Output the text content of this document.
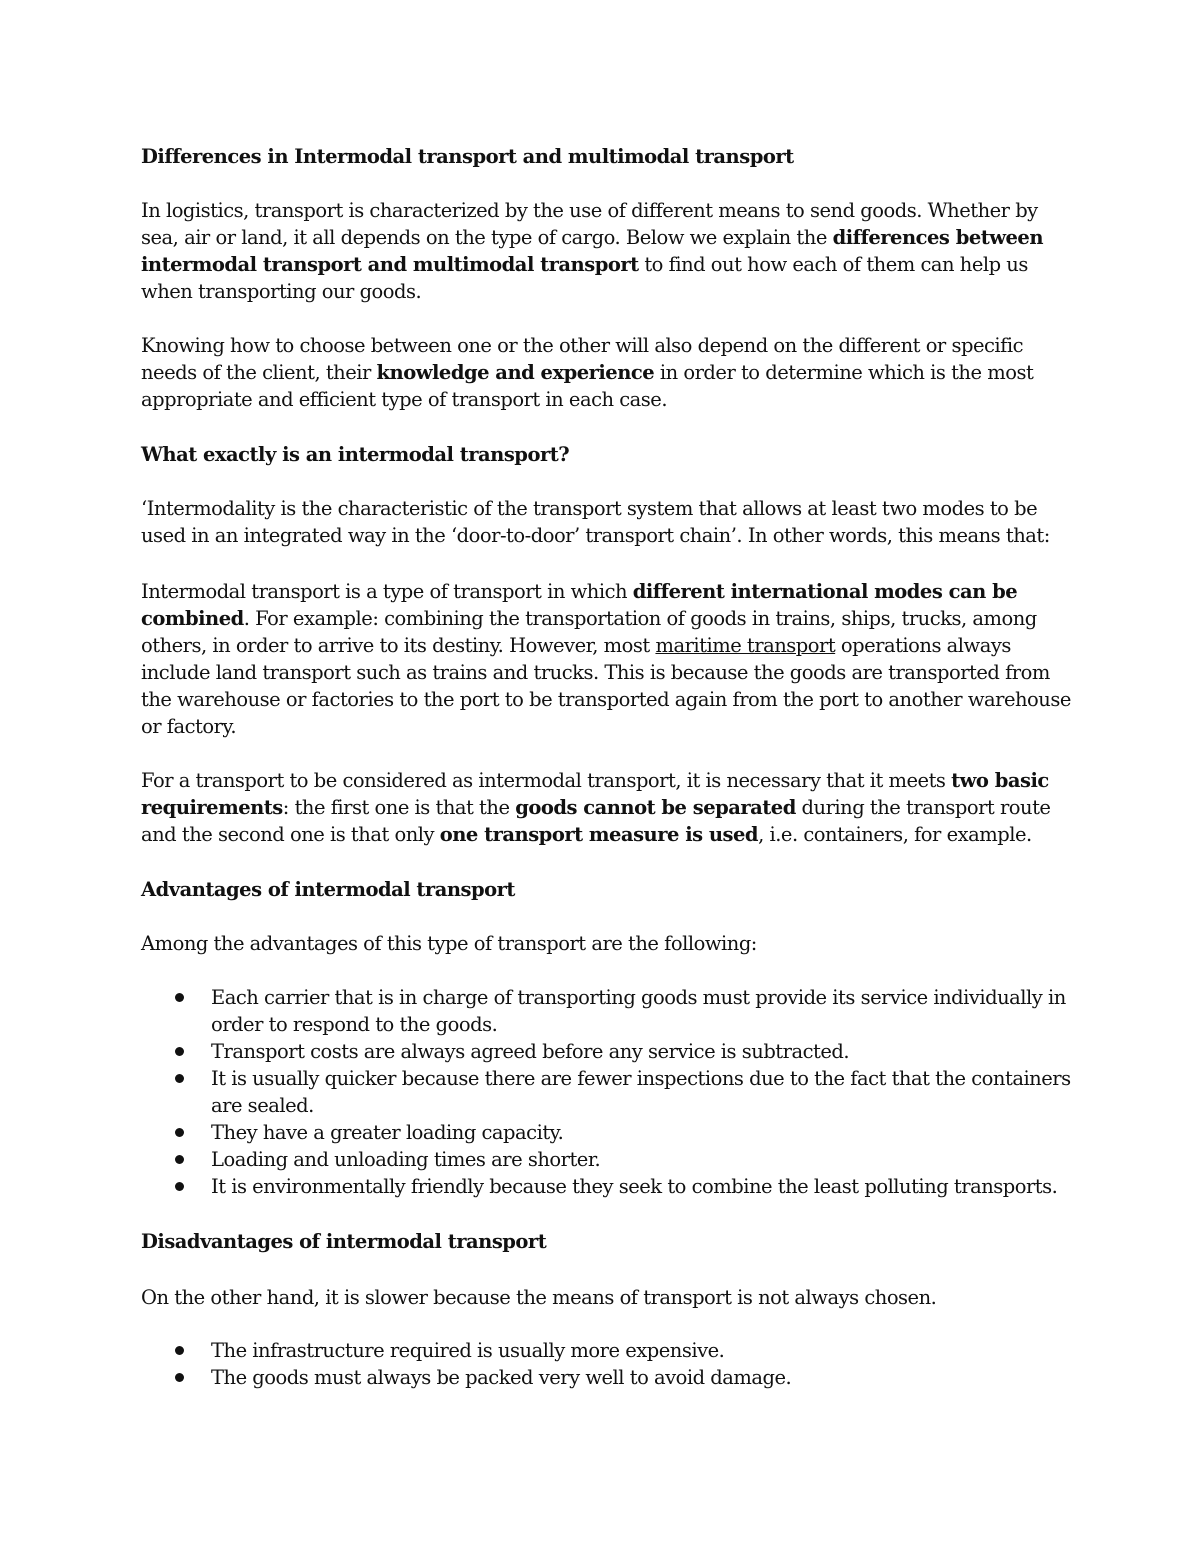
Differences in Intermodal transport and multimodal transport

In logistics, transport is characterized by the use of different means to send goods. Whether by sea, air or land, it all depends on the type of cargo. Below we explain the differences between intermodal transport and multimodal transport to find out how each of them can help us when transporting our goods.

Knowing how to choose between one or the other will also depend on the different or specific needs of the client, their knowledge and experience in order to determine which is the most appropriate and efficient type of transport in each case.

What exactly is an intermodal transport?

‘Intermodality is the characteristic of the transport system that allows at least two modes to be used in an integrated way in the ‘door-to-door’ transport chain’. In other words, this means that:

Intermodal transport is a type of transport in which different international modes can be combined. For example: combining the transportation of goods in trains, ships, trucks, among others, in order to arrive to its destiny. However, most maritime transport operations always include land transport such as trains and trucks. This is because the goods are transported from the warehouse or factories to the port to be transported again from the port to another warehouse or factory.

For a transport to be considered as intermodal transport, it is necessary that it meets two basic requirements: the first one is that the goods cannot be separated during the transport route and the second one is that only one transport measure is used, i.e. containers, for example.

Advantages of intermodal transport

Among the advantages of this type of transport are the following:

Each carrier that is in charge of transporting goods must provide its service individually in order to respond to the goods.
Transport costs are always agreed before any service is subtracted.
It is usually quicker because there are fewer inspections due to the fact that the containers are sealed.
They have a greater loading capacity.
Loading and unloading times are shorter.
It is environmentally friendly because they seek to combine the least polluting transports.

Disadvantages of intermodal transport

On the other hand, it is slower because the means of transport is not always chosen.

The infrastructure required is usually more expensive.
The goods must always be packed very well to avoid damage.
